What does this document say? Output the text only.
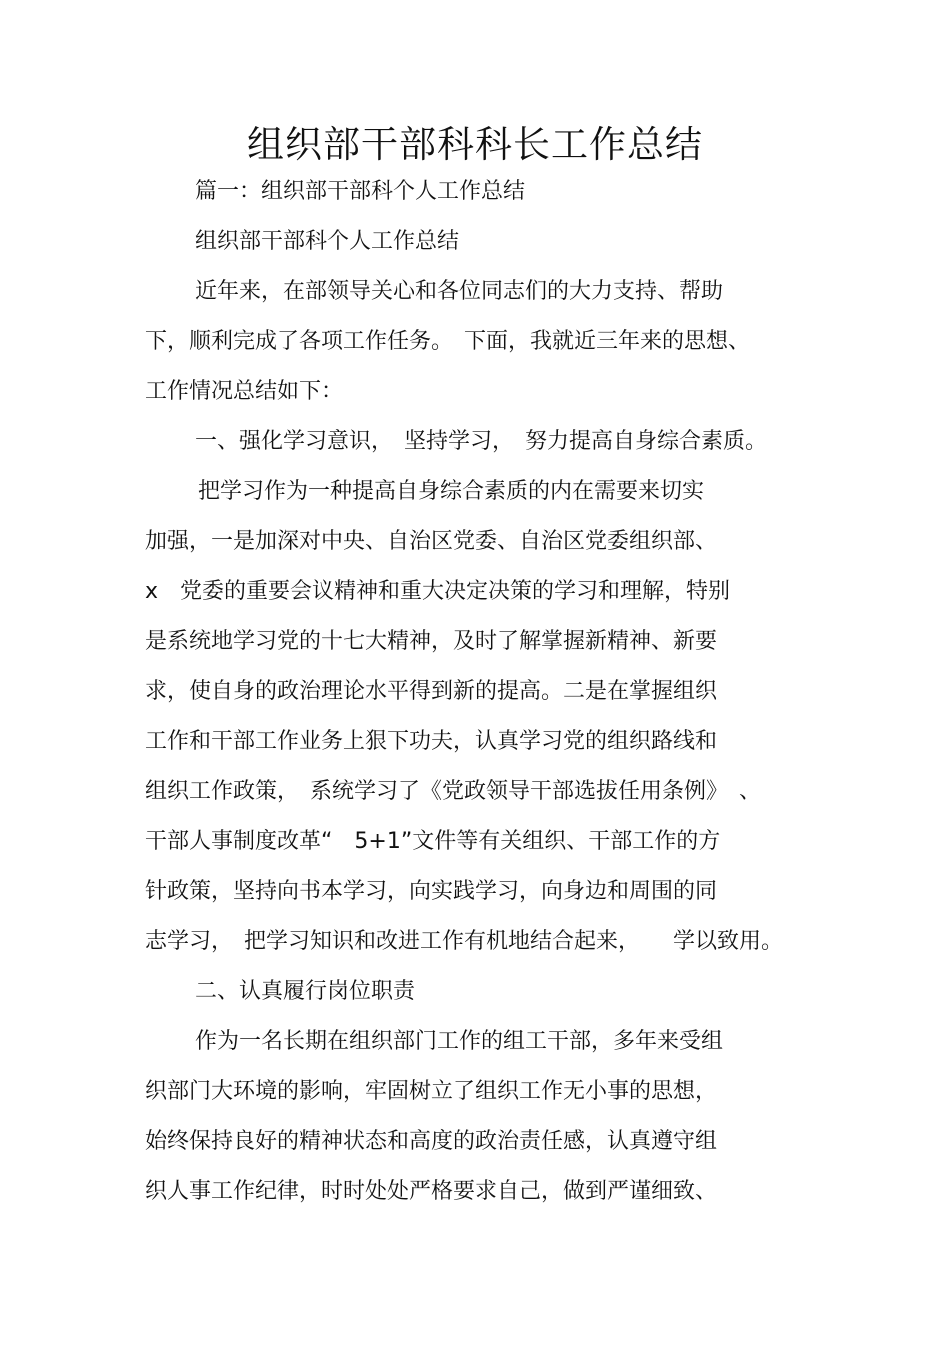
组织部干部科科长工作总结
篇一：组织部干部科个人工作总结
组织部干部科个人工作总结
近年来，在部领导关心和各位同志们的大力支持、帮助
下，顺利完成了各项工作任务。　下面，我就近三年来的思想、
工作情况总结如下：
一、强化学习意识，　坚持学习，　努力提高自身综合素质。
把学习作为一种提高自身综合素质的内在需要来切实
加强，一是加深对中央、自治区党委、自治区党委组织部、
x　党委的重要会议精神和重大决定决策的学习和理解，特别
是系统地学习党的十七大精神，及时了解掌握新精神、新要
求，使自身的政治理论水平得到新的提高。二是在掌握组织
工作和干部工作业务上狠下功夫，认真学习党的组织路线和
组织工作政策，　系统学习了《党政领导干部选拔任用条例》　、
干部人事制度改革“　5+1”文件等有关组织、干部工作的方
针政策，坚持向书本学习，向实践学习，向身边和周围的同
志学习，　把学习知识和改进工作有机地结合起来，　　学以致用。
二、认真履行岗位职责
作为一名长期在组织部门工作的组工干部，多年来受组
织部门大环境的影响，牢固树立了组织工作无小事的思想，
始终保持良好的精神状态和高度的政治责任感，认真遵守组
织人事工作纪律，时时处处严格要求自己，做到严谨细致、
